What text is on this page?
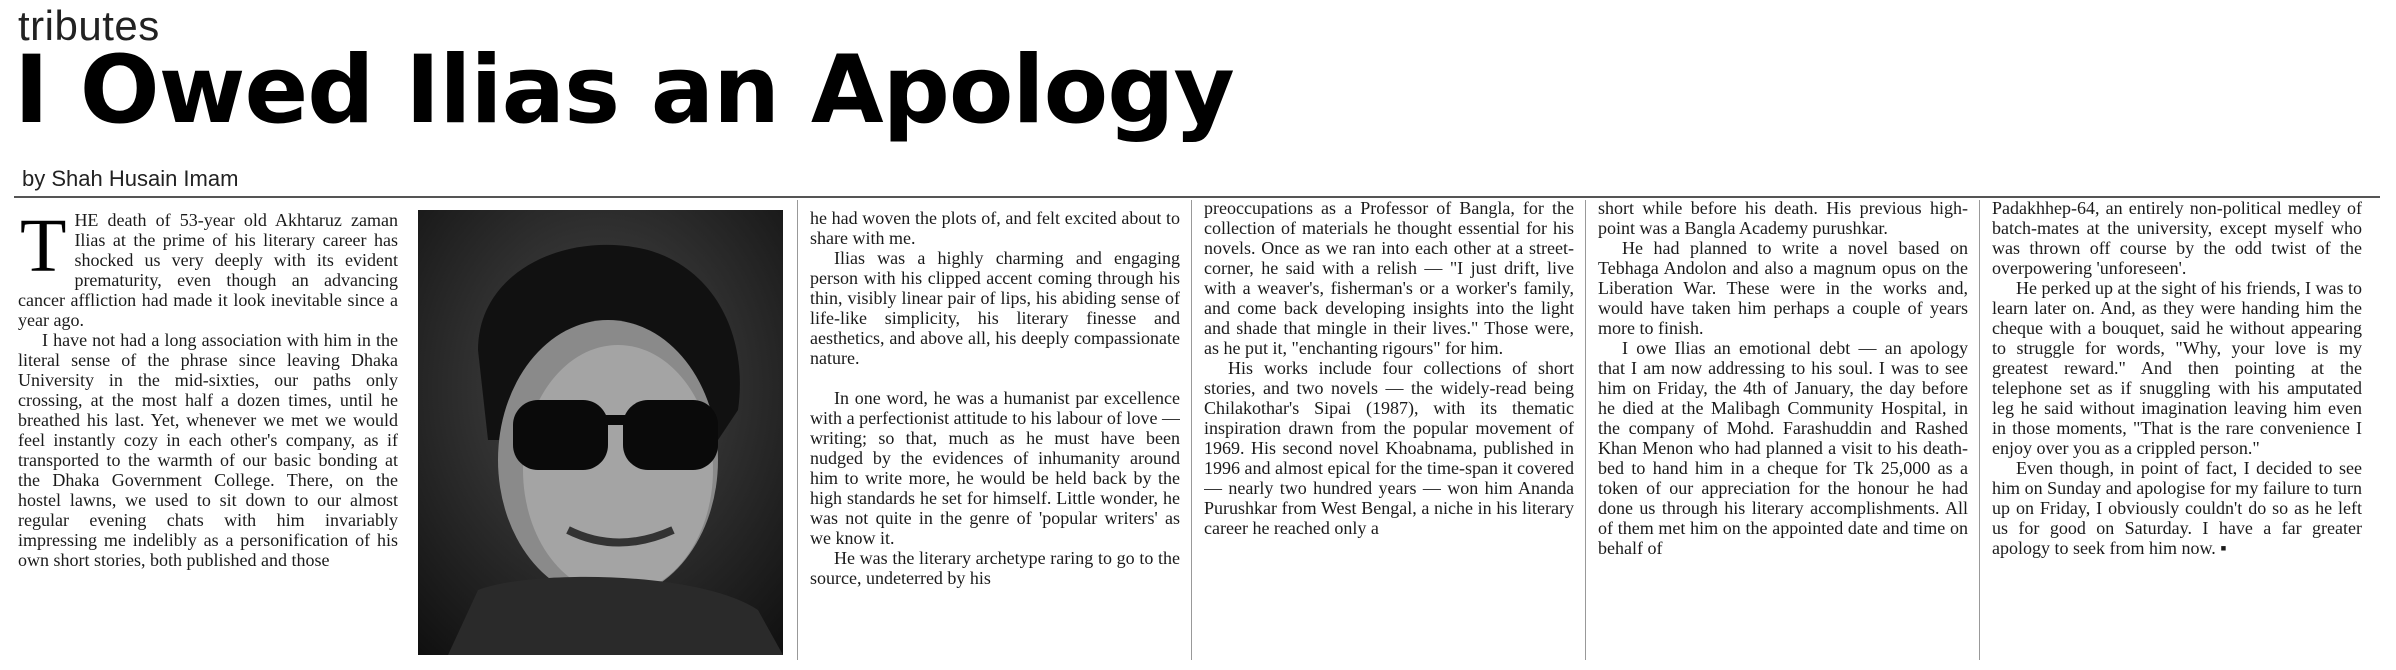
tributes
I Owed Ilias an Apology
by Shah Husain Imam
T HE death of 53-year old Akhtaruz zaman Ilias at the prime of his literary career has shocked us very deeply with its evident prematurity, even though an advancing cancer affliction had made it look inevitable since a year ago.

I have not had a long association with him in the literal sense of the phrase since leaving Dhaka University in the mid-sixties, our paths only crossing, at the most half a dozen times, until he breathed his last. Yet, whenever we met we would feel instantly cozy in each other's company, as if transported to the warmth of our basic bonding at the Dhaka Government College. There, on the hostel lawns, we used to sit down to our almost regular evening chats with him invariably impressing me indelibly as a personification of his own short stories, both published and those

he had woven the plots of, and felt excited about to share with me.

Ilias was a highly charming and engaging person with his clipped accent coming through his thin, visibly linear pair of lips, his abiding sense of life-like simplicity, his literary finesse and aesthetics, and above all, his deeply compassionate nature.

In one word, he was a humanist par excellence with a perfectionist attitude to his labour of love — writing; so that, much as he must have been nudged by the evidences of inhumanity around him to write more, he would be held back by the high standards he set for himself. Little wonder, he was not quite in the genre of 'popular writers' as we know it.

He was the literary archetype raring to go to the source, undeterred by his

preoccupations as a Professor of Bangla, for the collection of materials he thought essential for his novels. Once as we ran into each other at a street-corner, he said with a relish — "I just drift, live with a weaver's, fisherman's or a worker's family, and come back developing insights into the light and shade that mingle in their lives." Those were, as he put it, "enchanting rigours" for him.

His works include four collections of short stories, and two novels — the widely-read being Chilakothar's Sipai (1987), with its thematic inspiration drawn from the popular movement of 1969. His second novel Khoabnama, published in 1996 and almost epical for the time-span it covered — nearly two hundred years — won him Ananda Purushkar from West Bengal, a niche in his literary career he reached only a

short while before his death. His previous high-point was a Bangla Academy purushkar.

He had planned to write a novel based on Tebhaga Andolon and also a magnum opus on the Liberation War. These were in the works and, would have taken him perhaps a couple of years more to finish.

I owe Ilias an emotional debt — an apology that I am now addressing to his soul. I was to see him on Friday, the 4th of January, the day before he died at the Malibagh Community Hospital, in the company of Mohd. Farashuddin and Rashed Khan Menon who had planned a visit to his death-bed to hand him in a cheque for Tk 25,000 as a token of our appreciation for the honour he had done us through his literary accomplishments. All of them met him on the appointed date and time on behalf of

Padakhhep-64, an entirely non-political medley of batch-mates at the university, except myself who was thrown off course by the odd twist of the overpowering 'unforeseen'.

He perked up at the sight of his friends, I was to learn later on. And, as they were handing him the cheque with a bouquet, said he without appearing to struggle for words, "Why, your love is my greatest reward." And then pointing at the telephone set as if snuggling with his amputated leg he said without imagination leaving him even in those moments, "That is the rare convenience I enjoy over you as a crippled person."

Even though, in point of fact, I decided to see him on Sunday and apologise for my failure to turn up on Friday, I obviously couldn't do so as he left us for good on Saturday. I have a far greater apology to seek from him now. ▪
